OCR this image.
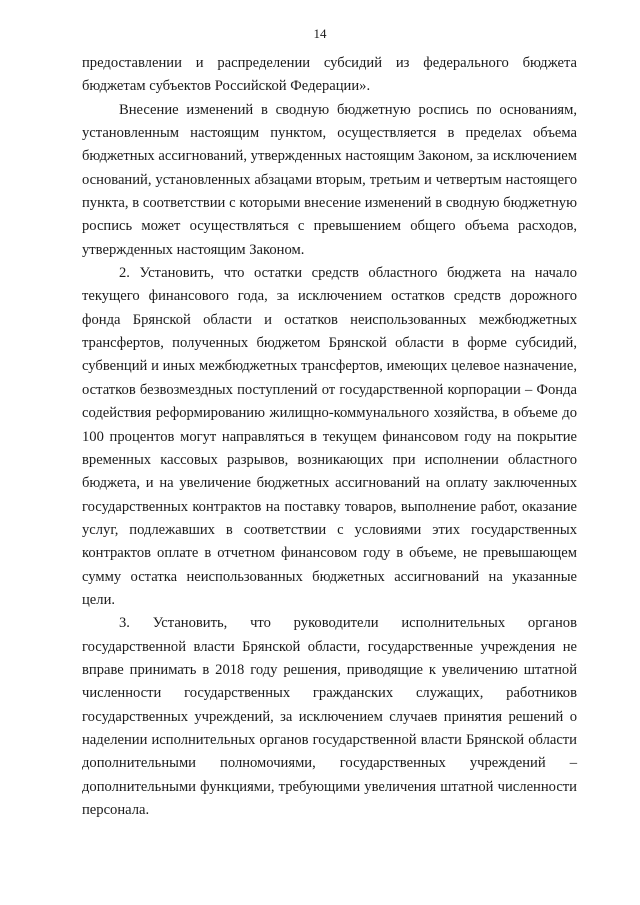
14

предоставлении и распределении субсидий из федерального бюджета бюджетам субъектов Российской Федерации».

Внесение изменений в сводную бюджетную роспись по основаниям, установленным настоящим пунктом, осуществляется в пределах объема бюджетных ассигнований, утвержденных настоящим Законом, за исключением оснований, установленных абзацами вторым, третьим и четвертым настоящего пункта, в соответствии с которыми внесение изменений в сводную бюджетную роспись может осуществляться с превышением общего объема расходов, утвержденных настоящим Законом.

2. Установить, что остатки средств областного бюджета на начало текущего финансового года, за исключением остатков средств дорожного фонда Брянской области и остатков неиспользованных межбюджетных трансфертов, полученных бюджетом Брянской области в форме субсидий, субвенций и иных межбюджетных трансфертов, имеющих целевое назначение, остатков безвозмездных поступлений от государственной корпорации – Фонда содействия реформированию жилищно-коммунального хозяйства, в объеме до 100 процентов могут направляться в текущем финансовом году на покрытие временных кассовых разрывов, возникающих при исполнении областного бюджета, и на увеличение бюджетных ассигнований на оплату заключенных государственных контрактов на поставку товаров, выполнение работ, оказание услуг, подлежавших в соответствии с условиями этих государственных контрактов оплате в отчетном финансовом году в объеме, не превышающем сумму остатка неиспользованных бюджетных ассигнований на указанные цели.

3. Установить, что руководители исполнительных органов государственной власти Брянской области, государственные учреждения не вправе принимать в 2018 году решения, приводящие к увеличению штатной численности государственных гражданских служащих, работников государственных учреждений, за исключением случаев принятия решений о наделении исполнительных органов государственной власти Брянской области дополнительными полномочиями, государственных учреждений – дополнительными функциями, требующими увеличения штатной численности персонала.
